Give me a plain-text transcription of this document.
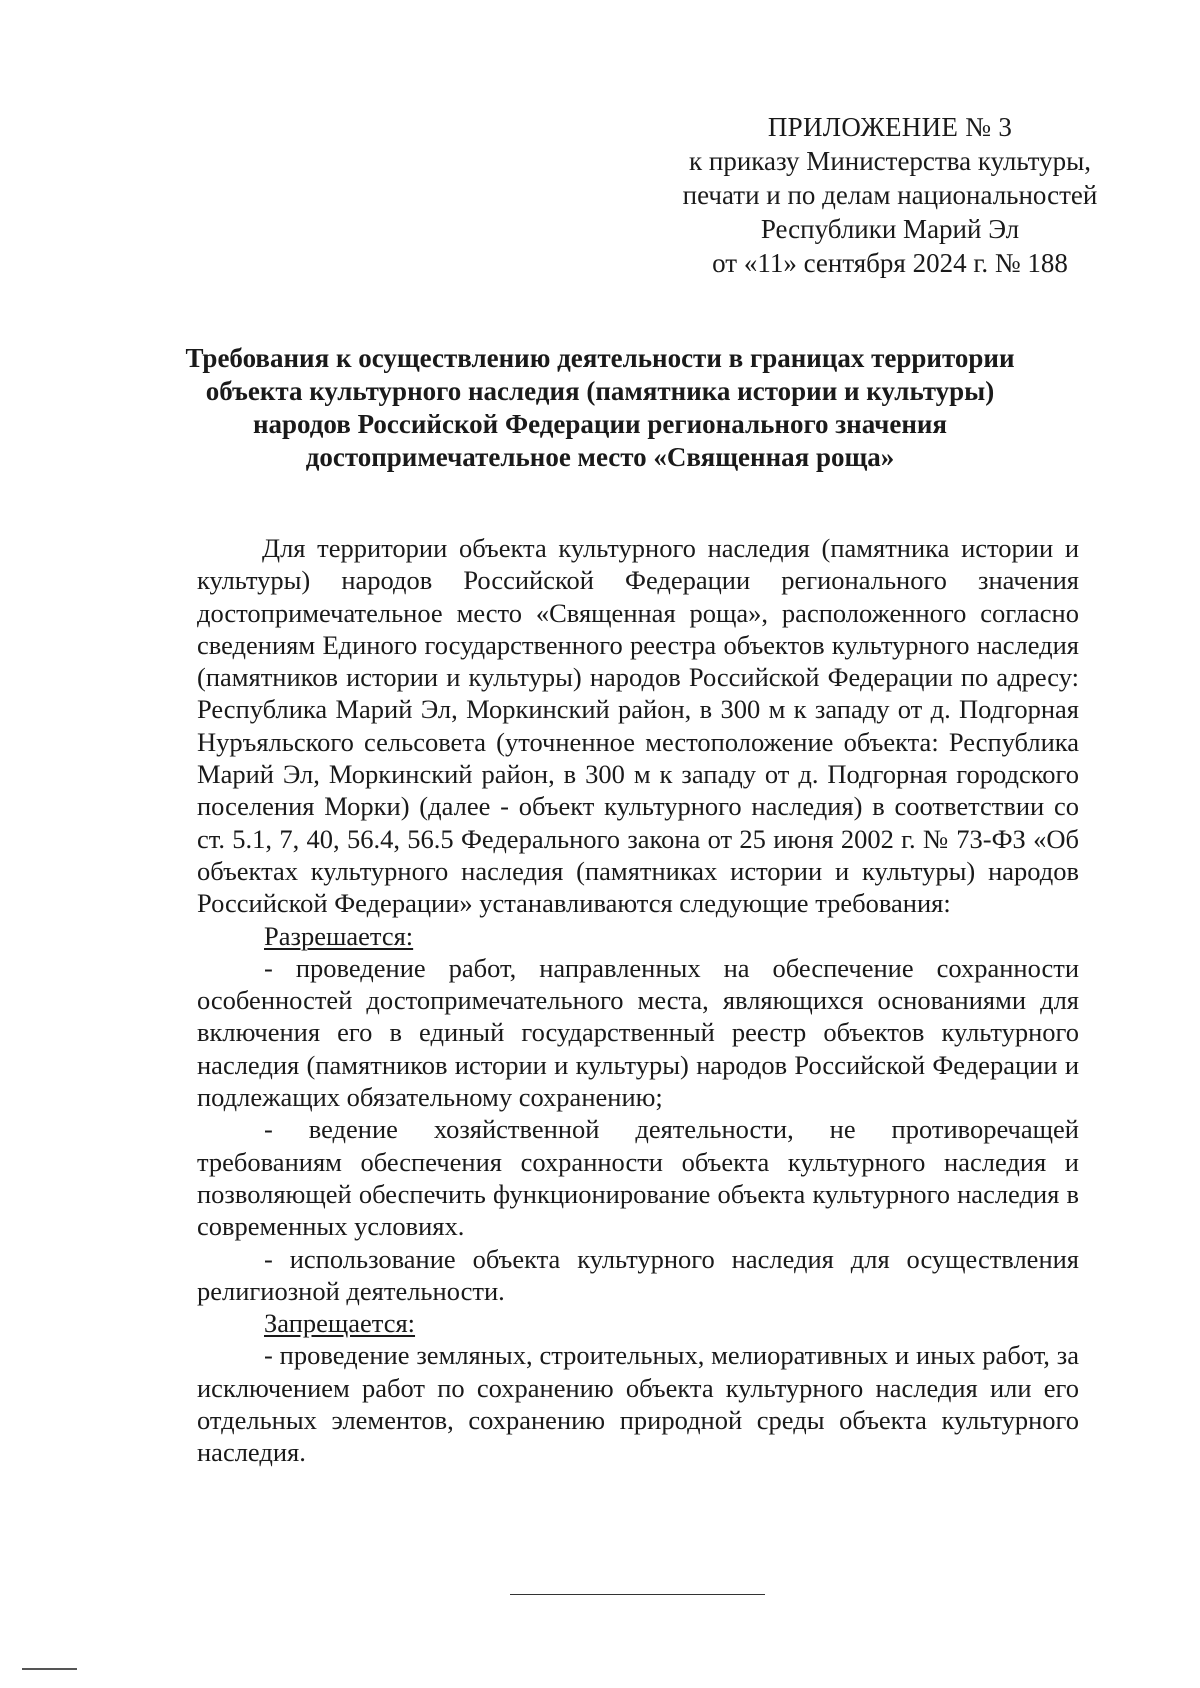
ПРИЛОЖЕНИЕ № 3
к приказу Министерства культуры,
печати и по делам национальностей
Республики Марий Эл
от «11» сентября 2024 г. № 188
Требования к осуществлению деятельности в границах территории
объекта культурного наследия (памятника истории и культуры)
народов Российской Федерации регионального значения
достопримечательное место «Священная роща»

Для территории объекта культурного наследия (памятника истории и культуры) народов Российской Федерации регионального значения достопримечательное место «Священная роща», расположенного согласно сведениям Единого государственного реестра объектов культурного наследия (памятников истории и культуры) народов Российской Федерации по адресу: Республика Марий Эл, Моркинский район, в 300 м к западу от д. Подгорная Нуръяльского сельсовета (уточненное местоположение объекта: Республика Марий Эл, Моркинский район, в 300 м к западу от д. Подгорная городского поселения Морки) (далее - объект культурного наследия) в соответствии со ст. 5.1, 7, 40, 56.4, 56.5 Федерального закона от 25 июня 2002 г. № 73-ФЗ «Об объектах культурного наследия (памятниках истории и культуры) народов Российской Федерации» устанавливаются следующие требования:

Разрешается:

- проведение работ, направленных на обеспечение сохранности особенностей достопримечательного места, являющихся основаниями для включения его в единый государственный реестр объектов культурного наследия (памятников истории и культуры) народов Российской Федерации и подлежащих обязательному сохранению;

- ведение хозяйственной деятельности, не противоречащей требованиям обеспечения сохранности объекта культурного наследия и позволяющей обеспечить функционирование объекта культурного наследия в современных условиях.

- использование объекта культурного наследия для осуществления религиозной деятельности.

Запрещается:

- проведение земляных, строительных, мелиоративных и иных работ, за исключением работ по сохранению объекта культурного наследия или его отдельных элементов, сохранению природной среды объекта культурного наследия.
